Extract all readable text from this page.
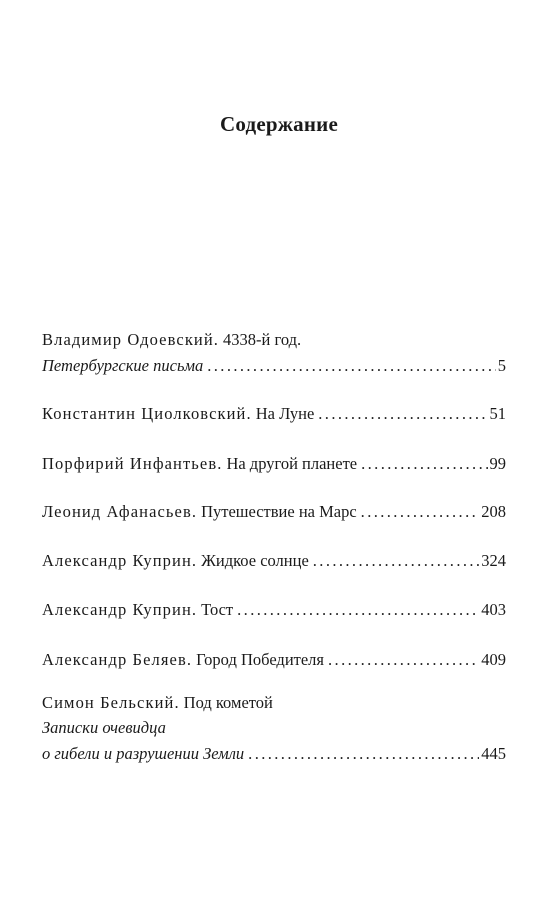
Содержание
Владимир Одоевский. 4338-й год.
Петербургские письма .....	5
Константин Циолковский. На Луне .....	51
Порфирий Инфантьев. На другой планете .....	99
Леонид Афанасьев. Путешествие на Марс .....	208
Александр Куприн. Жидкое солнце .....	324
Александр Куприн. Тост .....	403
Александр Беляев. Город Победителя .....	409
Симон Бельский. Под кометой
Записки очевидца
о гибели и разрушении Земли .....	445
